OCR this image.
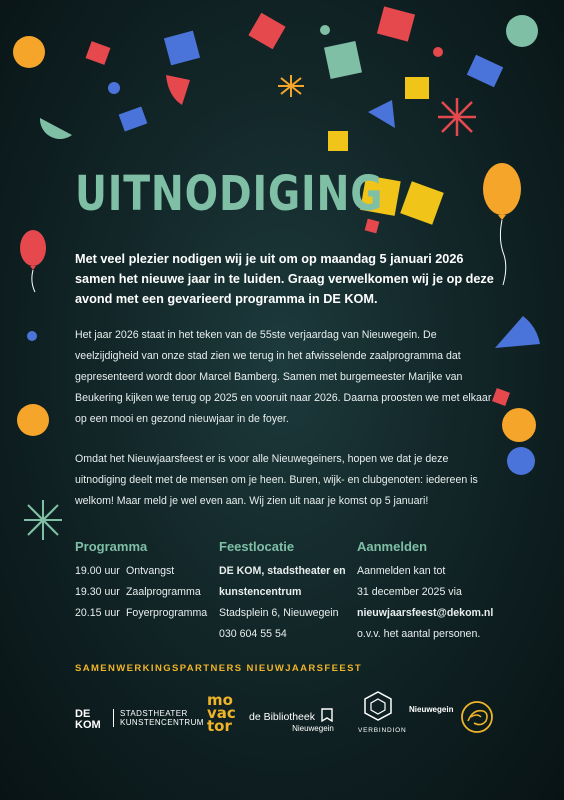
UITNODIGING

Met veel plezier nodigen wij je uit om op maandag 5 januari 2026 samen het nieuwe jaar in te luiden. Graag verwelkomen wij je op deze avond met een gevarieerd programma in DE KOM.

Het jaar 2026 staat in het teken van de 55ste verjaardag van Nieuwegein. De veelzijdigheid van onze stad zien we terug in het afwisselende zaalprogramma dat gepresenteerd wordt door Marcel Bamberg. Samen met burgemeester Marijke van Beukering kijken we terug op 2025 en vooruit naar 2026. Daarna proosten we met elkaar op een mooi en gezond nieuwjaar in de foyer.

Omdat het Nieuwjaarsfeest er is voor alle Nieuwegeiners, hopen we dat je deze uitnodiging deelt met de mensen om je heen. Buren, wijk- en clubgenoten: iedereen is welkom! Maar meld je wel even aan. Wij zien uit naar je komst op 5 januari!

Programma
19.00 uur Ontvangst
19.30 uur Zaalprogramma
20.15 uur Foyerprogramma
Feestlocatie
DE KOM, stadstheater en
kunstencentrum
Stadsplein 6, Nieuwegein
030 604 55 54
Aanmelden
Aanmelden kan tot
31 december 2025 via
nieuwjaarsfeest@dekom.nl
o.v.v. het aantal personen.
SAMENWERKINGSPARTNERS NIEUWJAARSFEEST
DE
KOM
STADSTHEATER
KUNSTENCENTRUM
mo
vac
tor	de Bibliotheek
Nieuwegein	VERBINDION
Nieuwegein
